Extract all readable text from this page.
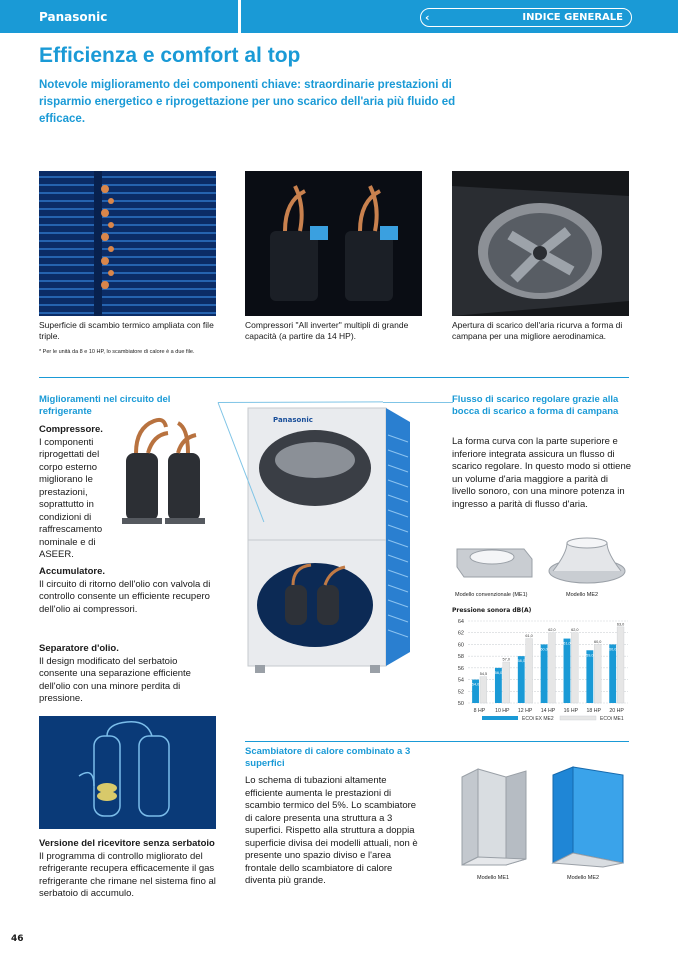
Panasonic	‹	INDICE GENERALE
Efficienza e comfort al top
Notevole miglioramento dei componenti chiave: straordinarie prestazioni di risparmio energetico e riprogettazione per uno scarico dell'aria più fluido ed efficace.
Superficie di scambio termico ampliata con file triple.
Compressori "All inverter" multipli di grande capacità (a partire da 14 HP).
Apertura di scarico dell'aria ricurva a forma di campana per una migliore aerodinamica.
* Per le unità da 8 e 10 HP, lo scambiatore di calore è a due file.
Miglioramenti nel circuito del refrigerante
Compressore.
I componenti riprogettati del corpo esterno migliorano le prestazioni, soprattutto in condizioni di raffrescamento nominale e di ASEER.
Accumulatore.
Il circuito di ritorno dell'olio con valvola di controllo consente un efficiente recupero dell'olio ai compressori.
Separatore d'olio.
Il design modificato del serbatoio consente una separazione efficiente dell'olio con una minore perdita di pressione.
Versione del ricevitore senza serbatoio
Il programma di controllo migliorato del refrigerante recupera efficacemente il gas refrigerante che rimane nel sistema fino al serbatoio di accumulo.
Panasonic
Flusso di scarico regolare grazie alla bocca di scarico a forma di campana
La forma curva con la parte superiore e inferiore integrata assicura un flusso di scarico regolare. In questo modo si ottiene un volume d'aria maggiore a parità di livello sonoro, con una minore potenza in ingresso a parità di flusso d'aria.
Modello convenzionale (ME1)	Modello ME2
Pressione sonora dB(A)
50
52
54
56
58
60
62
64
54,0
54,5
8 HP
56,0
57,0
10 HP
58,0
61,0
12 HP
60,0
62,0
14 HP
61,0
62,0
16 HP
59,0
60,0
18 HP
60,0
63,0
20 HP
ECOi EX ME2	ECOi ME1
Scambiatore di calore combinato a 3 superfici
Lo schema di tubazioni altamente efficiente aumenta le prestazioni di scambio termico del 5%. Lo scambiatore di calore presenta una struttura a 3 superfici. Rispetto alla struttura a doppia superficie divisa dei modelli attuali, non è presente uno spazio diviso e l'area frontale dello scambiatore di calore diventa più grande.	Modello ME1	Modello ME2
46
